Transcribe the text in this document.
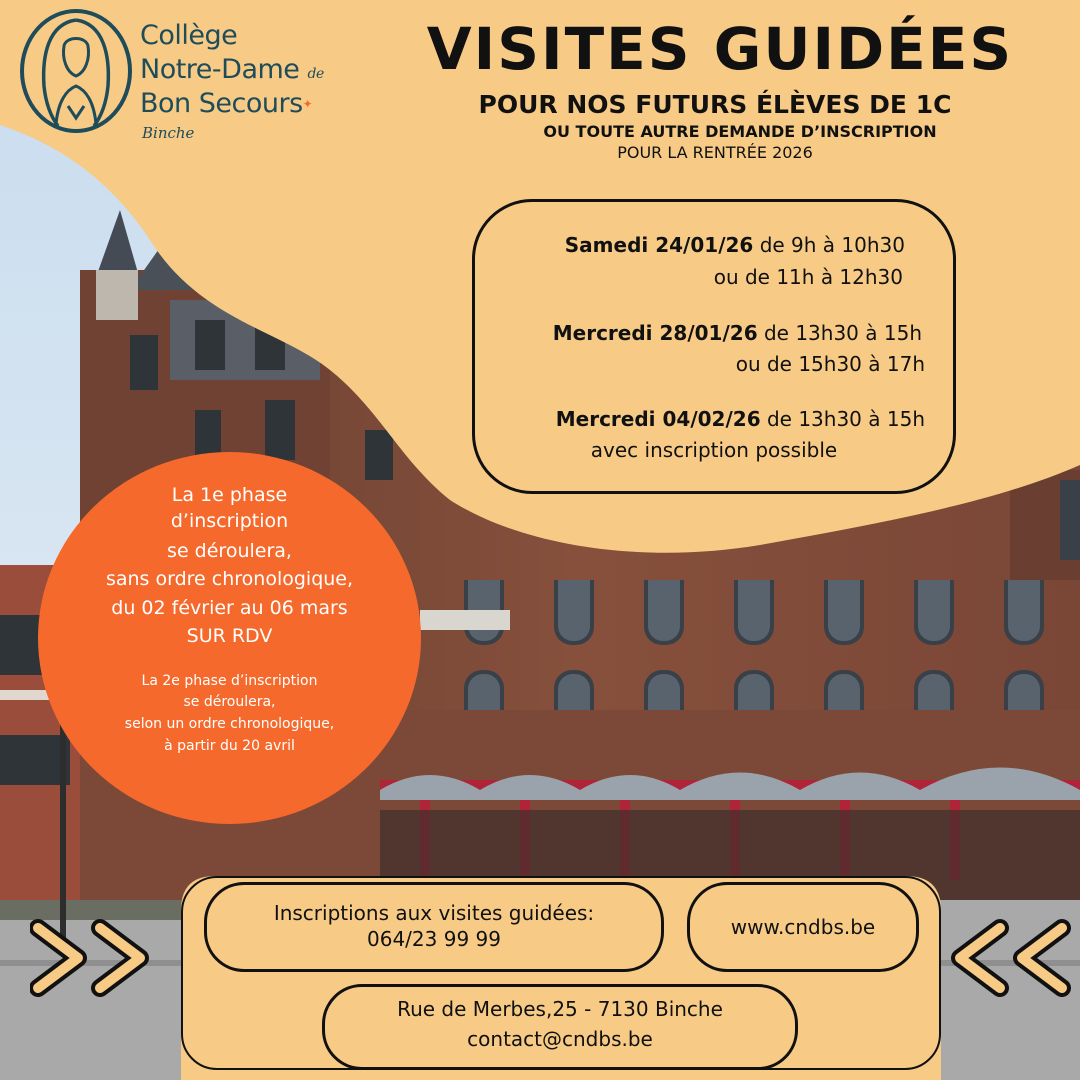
Collège
Notre-Dame de
Bon Secours✦
Binche
VISITES GUIDÉES
POUR NOS FUTURS ÉLÈVES DE 1C
OU TOUTE AUTRE DEMANDE D’INSCRIPTION
POUR LA RENTRÉE 2026
Samedi 24/01/26 de 9h à 10h30
ou de 11h à 12h30
Mercredi 28/01/26 de 13h30 à 15h
ou de 15h30 à 17h
Mercredi 04/02/26 de 13h30 à 15h
avec inscription possible
La 1e phase
d’inscription
se déroulera,
sans ordre chronologique,
du 02 février au 06 mars
SUR RDV
La 2e phase d’inscription
se déroulera,
selon un ordre chronologique,
à partir du 20 avril
Inscriptions aux visites guidées:
064/23 99 99	www.cndbs.be
Rue de Merbes,25 - 7130 Binche
contact@cndbs.be
